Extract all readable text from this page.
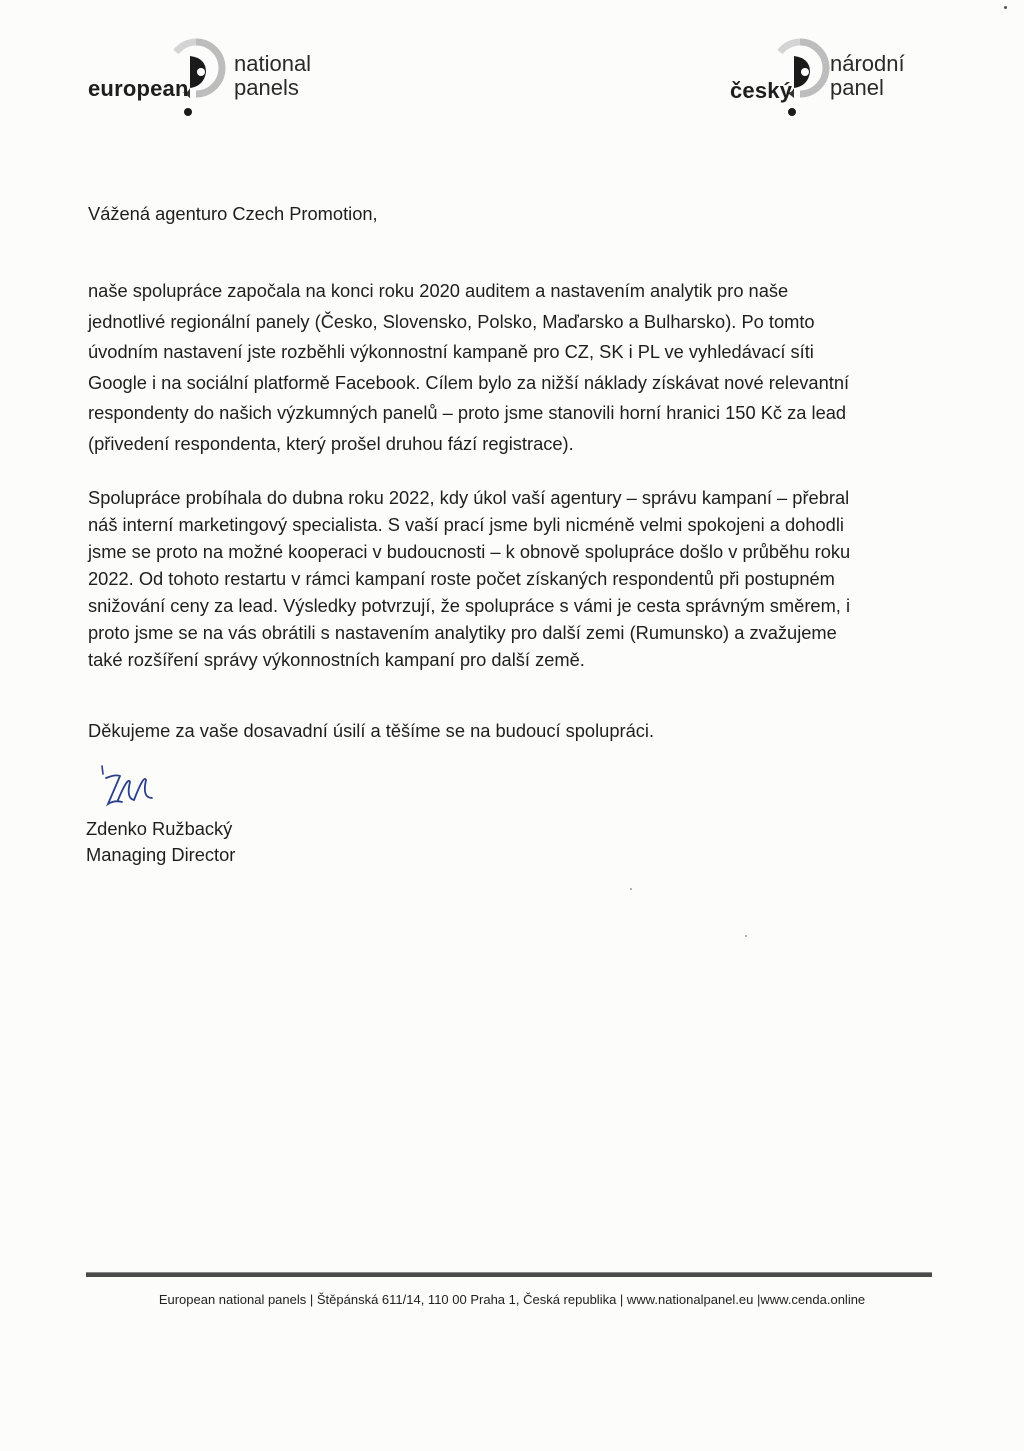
european
national
panels	český
národní
panel
Vážená agenturo Czech Promotion,
naše spolupráce započala na konci roku 2020 auditem a nastavením analytik pro naše
jednotlivé regionální panely (Česko, Slovensko, Polsko, Maďarsko a Bulharsko). Po tomto
úvodním nastavení jste rozběhli výkonnostní kampaně pro CZ, SK i PL ve vyhledávací síti
Google i na sociální platformě Facebook. Cílem bylo za nižší náklady získávat nové relevantní
respondenty do našich výzkumných panelů – proto jsme stanovili horní hranici 150 Kč za lead
(přivedení respondenta, který prošel druhou fází registrace).
Spolupráce probíhala do dubna roku 2022, kdy úkol vaší agentury – správu kampaní – přebral
náš interní marketingový specialista. S vaší prací jsme byli nicméně velmi spokojeni a dohodli
jsme se proto na možné kooperaci v budoucnosti – k obnově spolupráce došlo v průběhu roku
2022. Od tohoto restartu v rámci kampaní roste počet získaných respondentů při postupném
snižování ceny za lead. Výsledky potvrzují, že spolupráce s vámi je cesta správným směrem, i
proto jsme se na vás obrátili s nastavením analytiky pro další zemi (Rumunsko) a zvažujeme
také rozšíření správy výkonnostních kampaní pro další země.
Děkujeme za vaše dosavadní úsilí a těšíme se na budoucí spolupráci.
Zdenko Ružbacký
Managing Director
European national panels | Štěpánská 611/14, 110 00 Praha 1, Česká republika | www.nationalpanel.eu |www.cenda.online
